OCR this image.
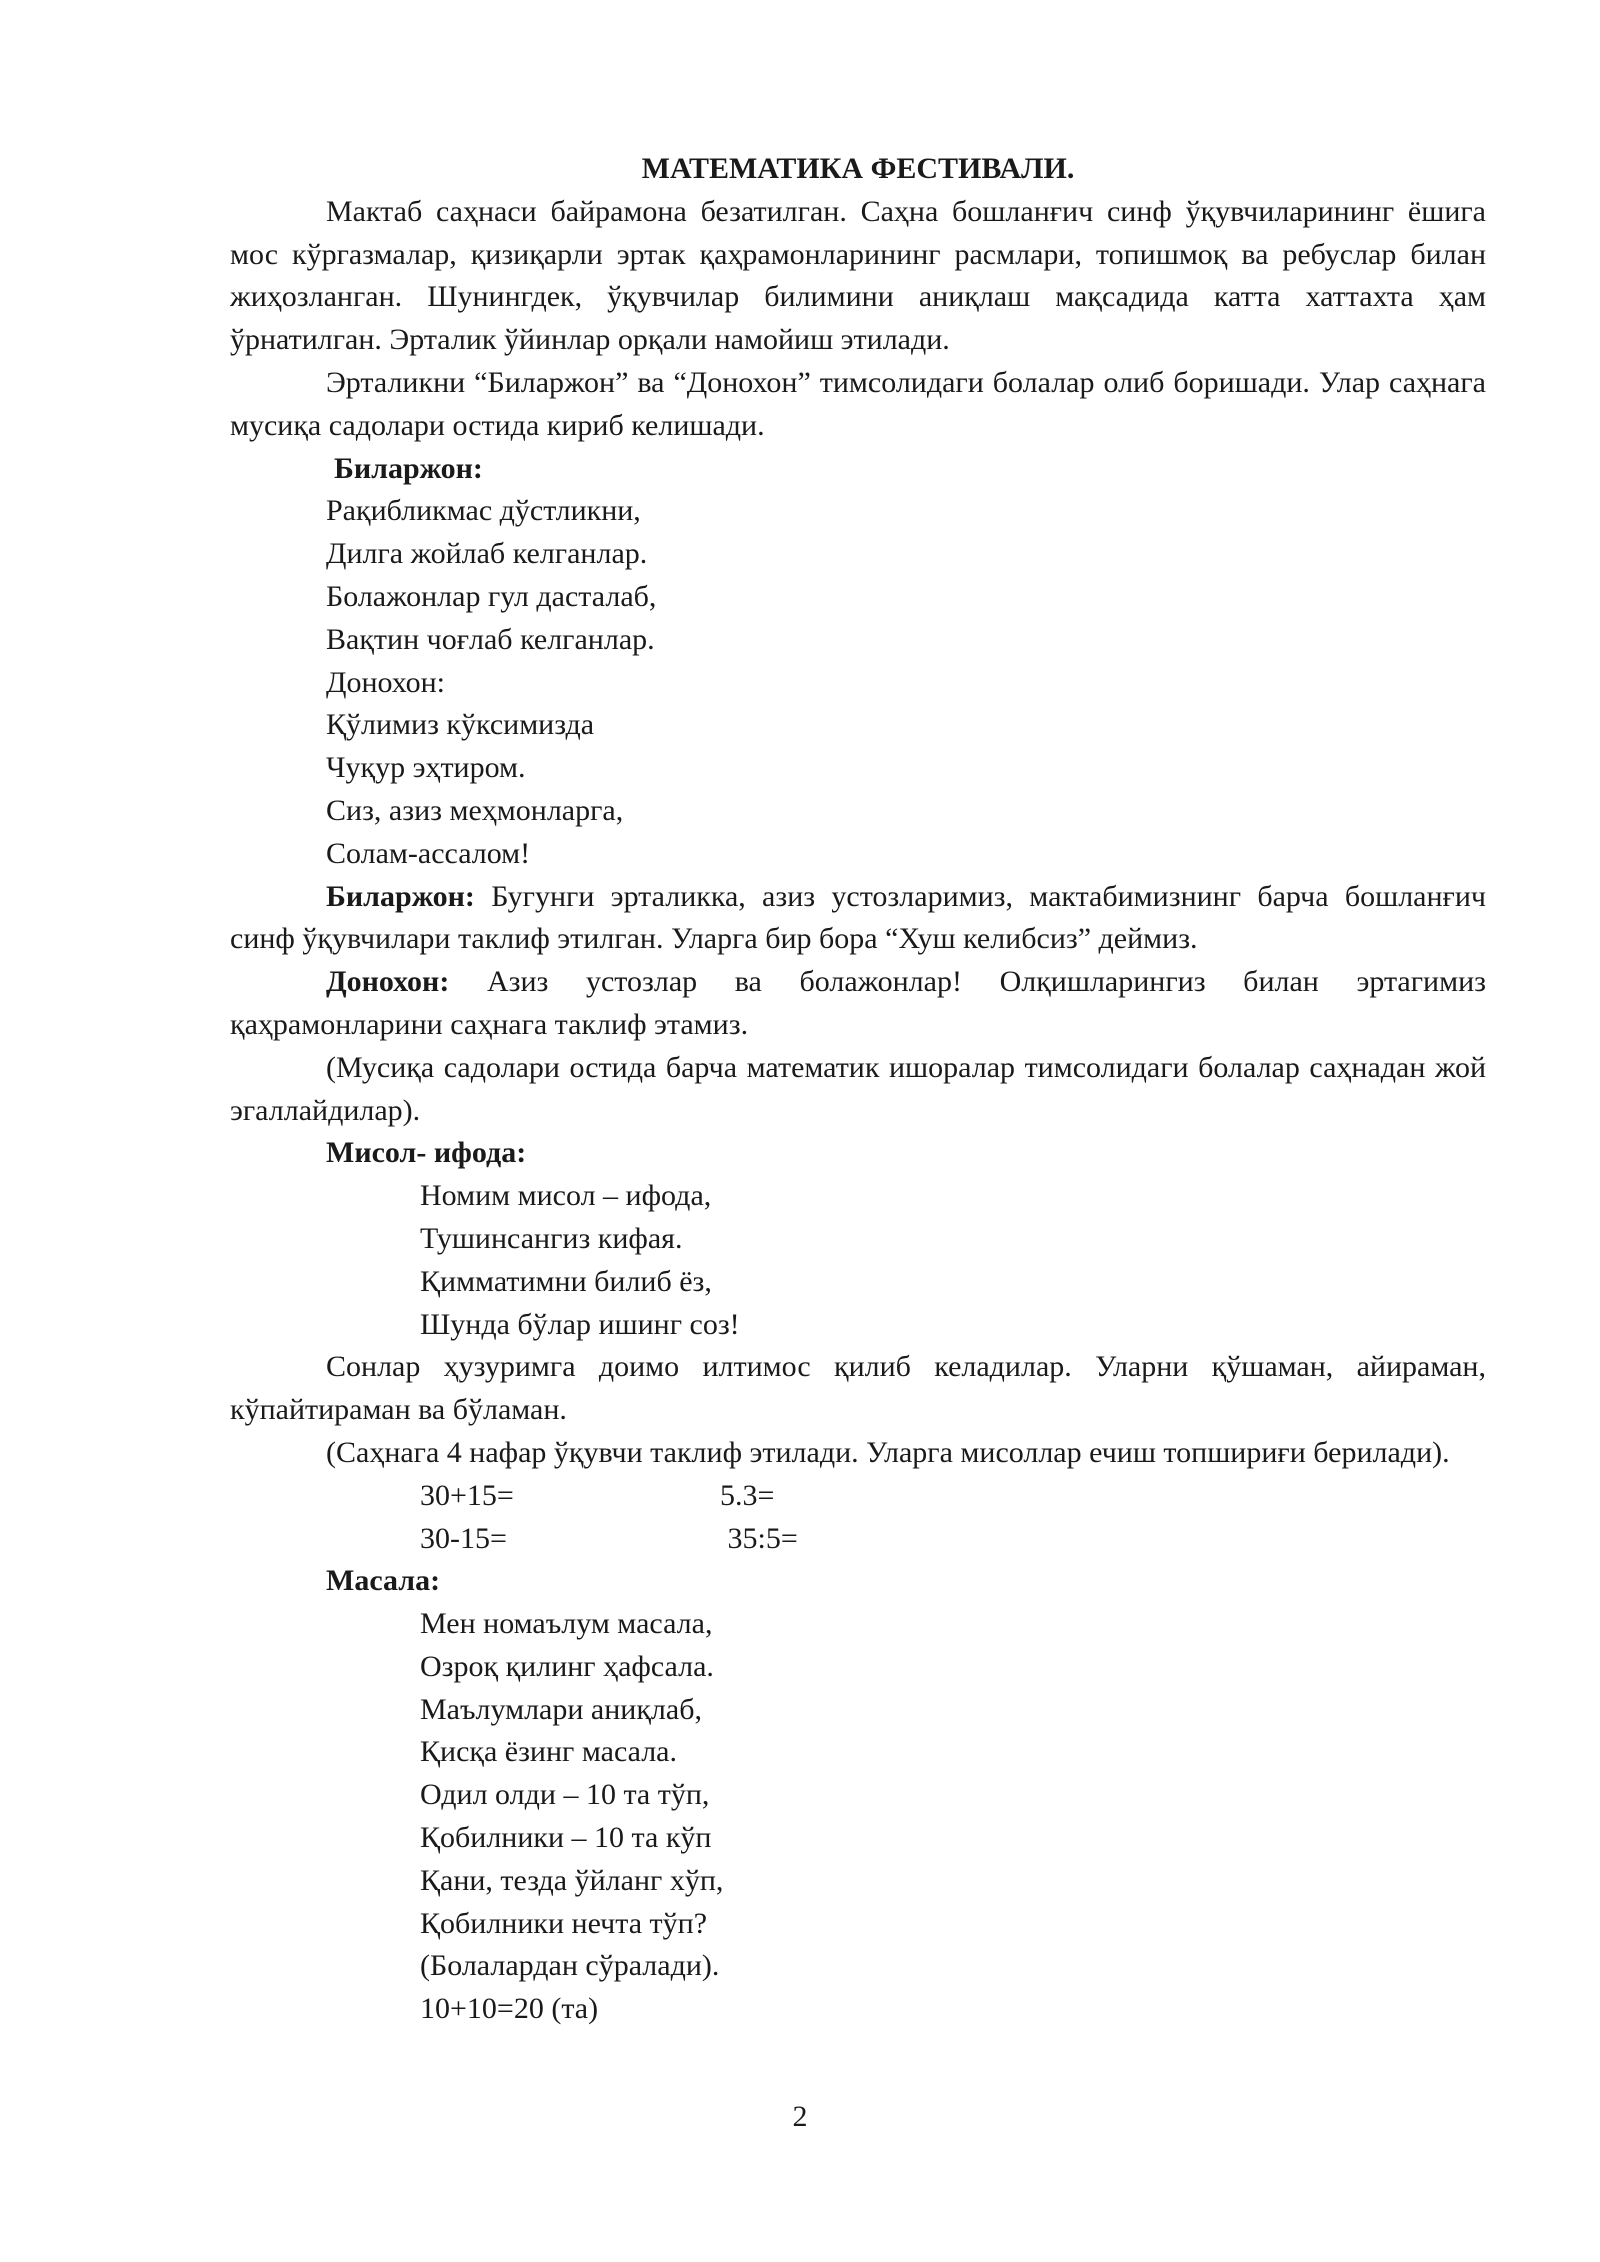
МАТЕМАТИКА ФЕСТИВАЛИ.

Мактаб саҳнаси байрамона безатилган. Саҳна бошланғич синф ўқувчиларининг ёшига мос кўргазмалар, қизиқарли эртак қаҳрамонларининг расмлари, топишмоқ ва ребуслар билан жиҳозланган. Шунингдек, ўқувчилар билимини аниқлаш мақсадида катта хаттахта ҳам ўрнатилган. Эрталик ўйинлар орқали намойиш этилади.

Эрталикни “Биларжон” ва “Донохон” тимсолидаги болалар олиб боришади. Улар саҳнага мусиқа садолари остида кириб келишади.

Биларжон:

Рақибликмас дўстликни,

Дилга жойлаб келганлар.

Болажонлар гул дасталаб,

Вақтин чоғлаб келганлар.

Донохон:

Қўлимиз кўксимизда

Чуқур эҳтиром.

Сиз, азиз меҳмонларга,

Солам-ассалом!

Биларжон: Бугунги эрталикка, азиз устозларимиз, мактабимизнинг барча бошланғич синф ўқувчилари таклиф этилган. Уларга бир бора “Хуш келибсиз” деймиз.

Донохон: Азиз устозлар ва болажонлар! Олқишларингиз билан эртагимиз қаҳрамонларини саҳнага таклиф этамиз.

(Мусиқа садолари остида барча математик ишоралар тимсолидаги болалар саҳнадан жой эгаллайдилар).

Мисол- ифода:

Номим мисол – ифода,

Тушинсангиз кифая.

Қимматимни билиб ёз,

Шунда бўлар ишинг соз!

Сонлар ҳузуримга доимо илтимос қилиб келадилар. Уларни қўшаман, айираман, кўпайтираман ва бўламан.

(Саҳнага 4 нафар ўқувчи таклиф этилади. Уларга мисоллар ечиш топшириғи берилади).

30+15=	5.3=

30-15=	35:5=

Масала:

Мен номаълум масала,

Озроқ қилинг ҳафсала.

Маълумлари аниқлаб,

Қисқа ёзинг масала.

Одил олди – 10 та тўп,

Қобилники – 10 та кўп

Қани, тезда ўйланг хўп,

Қобилники нечта тўп?

(Болалардан сўралади).

10+10=20 (та)

2
